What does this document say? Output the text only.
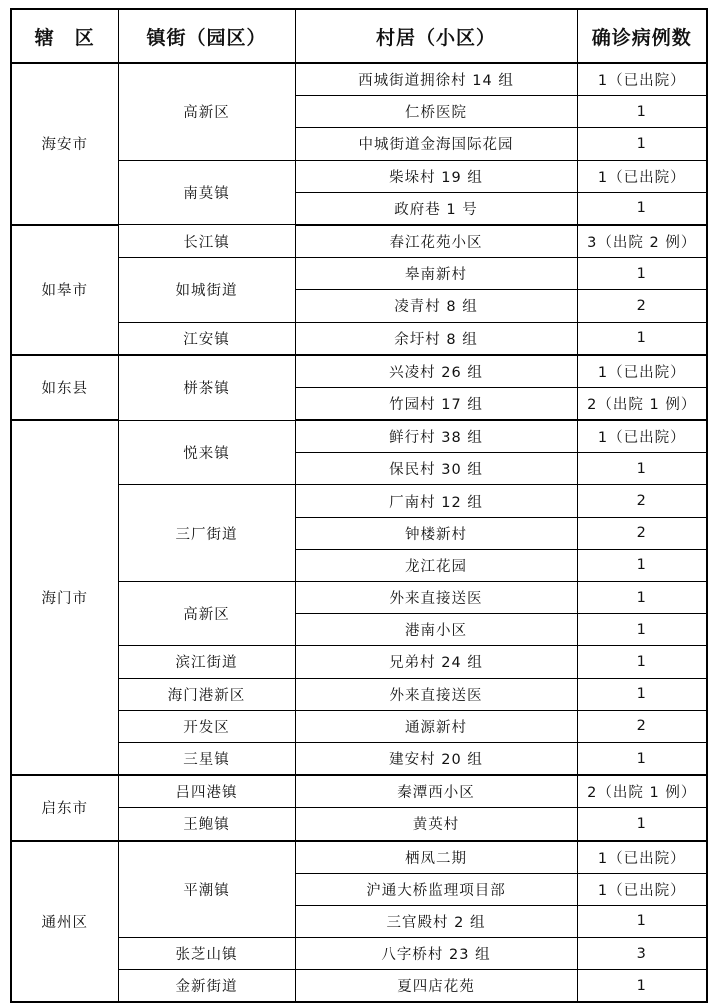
辖　区	镇街（园区）	村居（小区）	确诊病例数
海安市	高新区	西城街道拥徐村 14 组	1（已出院）
		仁桥医院	1
		中城街道金海国际花园	1
	南莫镇	柴垛村 19 组	1（已出院）
		政府巷 1 号	1
如皋市	长江镇	春江花苑小区	3（出院 2 例）
	如城街道	皋南新村	1
		凌青村 8 组	2
	江安镇	余圩村 8 组	1
如东县	栟茶镇	兴凌村 26 组	1（已出院）
		竹园村 17 组	2（出院 1 例）
海门市	悦来镇	鲜行村 38 组	1（已出院）
		保民村 30 组	1
	三厂街道	厂南村 12 组	2
		钟楼新村	2
		龙江花园	1
	高新区	外来直接送医	1
		港南小区	1
	滨江街道	兄弟村 24 组	1
	海门港新区	外来直接送医	1
	开发区	通源新村	2
	三星镇	建安村 20 组	1
启东市	吕四港镇	秦潭西小区	2（出院 1 例）
	王鲍镇	黄英村	1
通州区	平潮镇	栖凤二期	1（已出院）
		沪通大桥监理项目部	1（已出院）
		三官殿村 2 组	1
	张芝山镇	八字桥村 23 组	3
	金新街道	夏四店花苑	1
